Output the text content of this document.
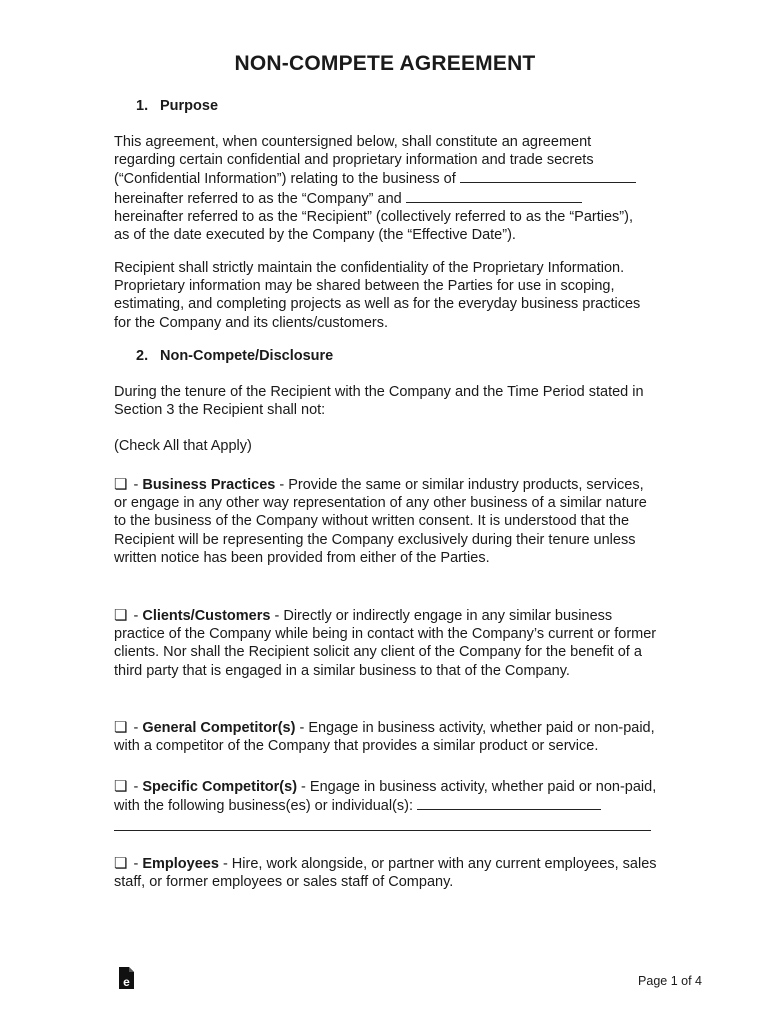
NON-COMPETE AGREEMENT
1. Purpose
This agreement, when countersigned below, shall constitute an agreement
regarding certain confidential and proprietary information and trade secrets
(“Confidential Information”) relating to the business of
hereinafter referred to as the “Company” and
hereinafter referred to as the “Recipient” (collectively referred to as the “Parties”),
as of the date executed by the Company (the “Effective Date”).
Recipient shall strictly maintain the confidentiality of the Proprietary Information. Proprietary information may be shared between the Parties for use in scoping, estimating, and completing projects as well as for the everyday business practices for the Company and its clients/customers.
2. Non-Compete/Disclosure
During the tenure of the Recipient with the Company and the Time Period stated in Section 3 the Recipient shall not:
(Check All that Apply)
❏ - Business Practices - Provide the same or similar industry products, services, or engage in any other way representation of any other business of a similar nature to the business of the Company without written consent. It is understood that the Recipient will be representing the Company exclusively during their tenure unless written notice has been provided from either of the Parties.
❏ - Clients/Customers - Directly or indirectly engage in any similar business practice of the Company while being in contact with the Company’s current or former clients. Nor shall the Recipient solicit any client of the Company for the benefit of a third party that is engaged in a similar business to that of the Company.
❏ - General Competitor(s) - Engage in business activity, whether paid or non-paid, with a competitor of the Company that provides a similar product or service.
❏ - Specific Competitor(s) - Engage in business activity, whether paid or non-paid, with the following business(es) or individual(s):
❏ - Employees - Hire, work alongside, or partner with any current employees, sales staff, or former employees or sales staff of Company.
e	Page 1 of 4
